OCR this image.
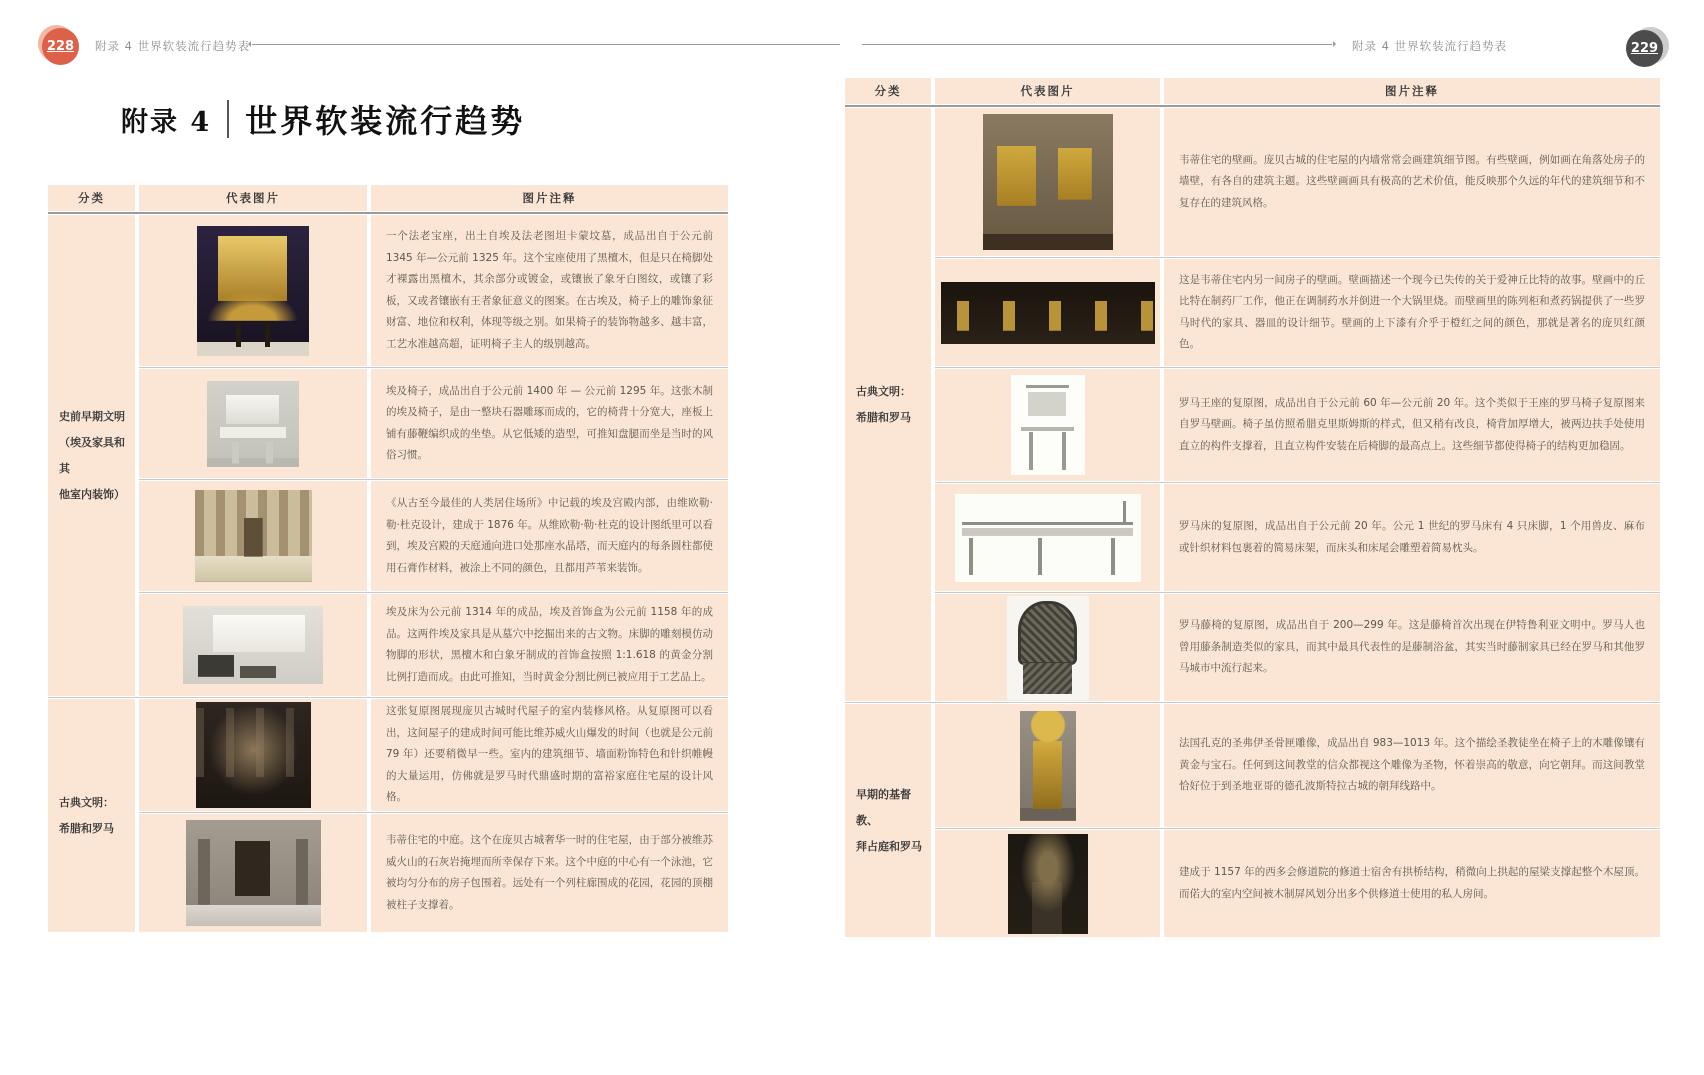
228	附录 4 世界软装流行趋势表	附录 4 世界软装流行趋势表	229
附录 4 世界软装流行趋势
分类	代表图片	图片注释
史前早期文明
（埃及家具和其
他室内装饰）

一个法老宝座，出土自埃及法老图坦卡蒙坟墓，成品出自于公元前 1345 年—公元前 1325 年。这个宝座使用了黑檀木，但是只在椅脚处才裸露出黑檀木，其余部分或镀金，或镶嵌了象牙白图纹，或镶了彩板，又或者镶嵌有王者象征意义的图案。在古埃及，椅子上的雕饰象征财富、地位和权利，体现等级之别。如果椅子的装饰物越多、越丰富，工艺水准越高超，证明椅子主人的级别越高。

埃及椅子，成品出自于公元前 1400 年 — 公元前 1295 年。这张木制的埃及椅子，是由一整块石器雕琢而成的，它的椅背十分宽大，座板上铺有藤鞭编织成的坐垫。从它低矮的造型，可推知盘腿而坐是当时的风俗习惯。

《从古至今最佳的人类居住场所》中记载的埃及宫殿内部，由维欧勒·勒·杜克设计，建成于 1876 年。从维欧勒·勒·杜克的设计图纸里可以看到，埃及宫殿的天庭通向进口处那座水晶塔，而天庭内的每条圆柱都使用石膏作材料，被涂上不同的颜色，且都用芦苇来装饰。

埃及床为公元前 1314 年的成品，埃及首饰盒为公元前 1158 年的成品。这两件埃及家具是从墓穴中挖掘出来的古文物。床脚的雕刻模仿动物脚的形状，黑檀木和白象牙制成的首饰盒按照 1:1.618 的黄金分割比例打造而成。由此可推知，当时黄金分割比例已被应用于工艺品上。

古典文明：
希腊和罗马

这张复原图展现庞贝古城时代屋子的室内装修风格。从复原图可以看出，这间屋子的建成时间可能比维苏威火山爆发的时间（也就是公元前 79 年）还要稍微早一些。室内的建筑细节、墙面粉饰特色和针织帷幔的大量运用，仿佛就是罗马时代鼎盛时期的富裕家庭住宅屋的设计风格。

韦蒂住宅的中庭。这个在庞贝古城奢华一时的住宅屋，由于部分被维苏威火山的石灰岩掩埋而所幸保存下来。这个中庭的中心有一个泳池，它被均匀分布的房子包围着。远处有一个列柱廊围成的花园，花园的顶棚被柱子支撑着。

分类	代表图片	图片注释
古典文明：
希腊和罗马

韦蒂住宅的壁画。庞贝古城的住宅屋的内墙常常会画建筑细节图。有些壁画，例如画在角落处房子的墙壁，有各自的建筑主题。这些壁画画具有极高的艺术价值，能反映那个久远的年代的建筑细节和不复存在的建筑风格。

这是韦蒂住宅内另一间房子的壁画。壁画描述一个现今已失传的关于爱神丘比特的故事。壁画中的丘比特在制药厂工作，他正在调制药水并倒进一个大锅里烧。而壁画里的陈列柜和煮药锅提供了一些罗马时代的家具、器皿的设计细节。壁画的上下漆有介乎于橙红之间的颜色，那就是著名的庞贝红颜色。

罗马王座的复原图，成品出自于公元前 60 年—公元前 20 年。这个类似于王座的罗马椅子复原图来自罗马壁画。椅子虽仿照希腊克里斯姆斯的样式，但又稍有改良，椅背加厚增大，被两边扶手处使用直立的构件支撑着，且直立构件安装在后椅脚的最高点上。这些细节都使得椅子的结构更加稳固。

罗马床的复原图，成品出自于公元前 20 年。公元 1 世纪的罗马床有 4 只床脚，1 个用兽皮、麻布或针织材料包裹着的简易床架，而床头和床尾会雕塑着简易枕头。

罗马藤椅的复原图，成品出自于 200—299 年。这是藤椅首次出现在伊特鲁利亚文明中。罗马人也曾用藤条制造类似的家具，而其中最具代表性的是藤制浴盆，其实当时藤制家具已经在罗马和其他罗马城市中流行起来。

早期的基督教、
拜占庭和罗马

法国孔克的圣弗伊圣骨匣雕像，成品出自 983—1013 年。这个描绘圣教徒坐在椅子上的木雕像镶有黄金与宝石。任何到这间教堂的信众都视这个雕像为圣物，怀着崇高的敬意，向它朝拜。而这间教堂恰好位于到圣地亚哥的德孔波斯特拉古城的朝拜线路中。

建成于 1157 年的西多会修道院的修道士宿舍有拱桥结构，稍微向上拱起的屋梁支撑起整个木屋顶。而偌大的室内空间被木制屏风划分出多个供修道士使用的私人房间。
